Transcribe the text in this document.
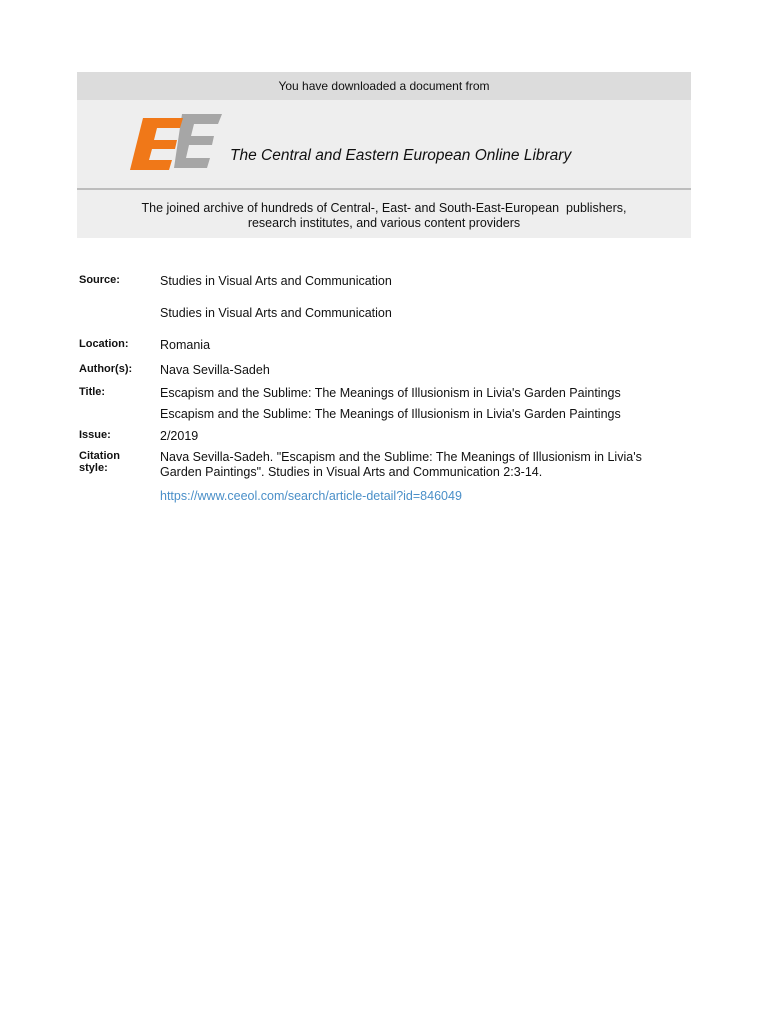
You have downloaded a document from
The Central and Eastern European Online Library
The joined archive of hundreds of Central-, East- and South-East-European  publishers,
research institutes, and various content providers
Source:	Studies in Visual Arts and Communication
Studies in Visual Arts and Communication
Location:	Romania
Author(s):	Nava Sevilla-Sadeh
Title:	Escapism and the Sublime: The Meanings of Illusionism in Livia's Garden Paintings
Escapism and the Sublime: The Meanings of Illusionism in Livia's Garden Paintings
Issue:	2/2019
Citation
style:
Nava Sevilla-Sadeh. "Escapism and the Sublime: The Meanings of Illusionism in Livia's
Garden Paintings". Studies in Visual Arts and Communication 2:3-14.
https://www.ceeol.com/search/article-detail?id=846049
